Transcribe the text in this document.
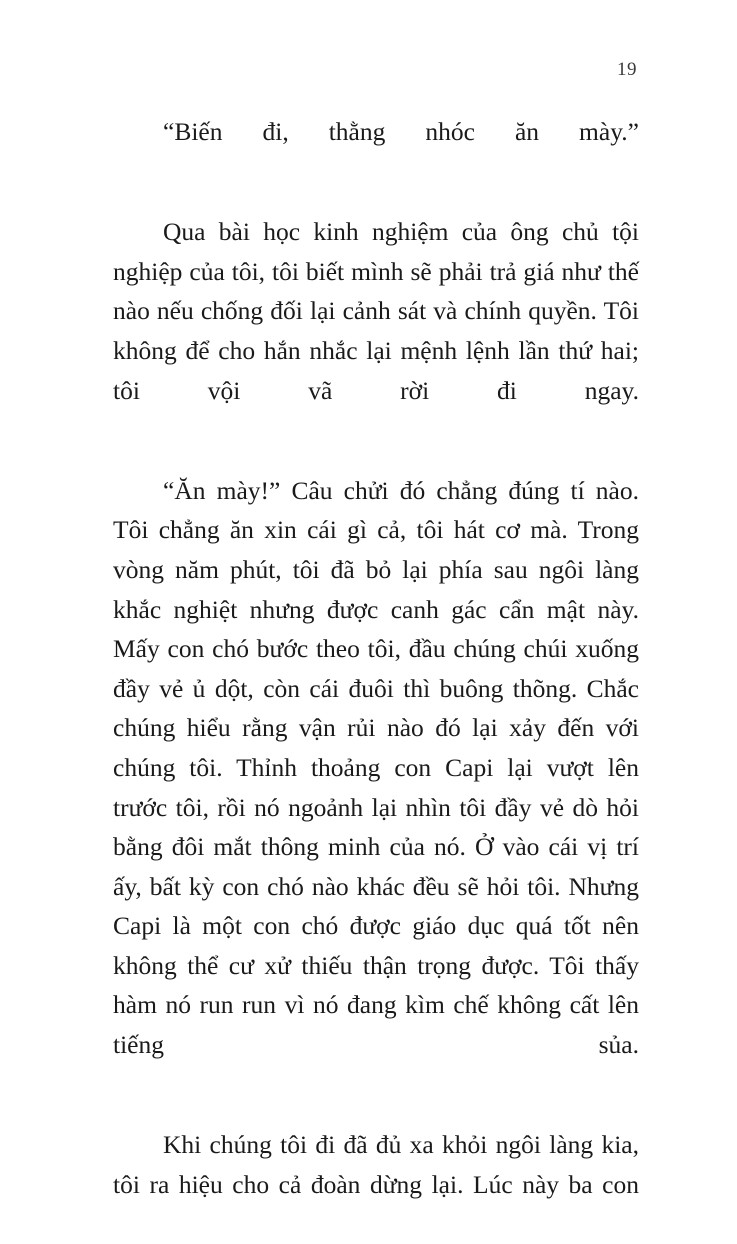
19

“Biến đi, thằng nhóc ăn mày.”

Qua bài học kinh nghiệm của ông chủ tội nghiệp của tôi, tôi biết mình sẽ phải trả giá như thế nào nếu chống đối lại cảnh sát và chính quyền. Tôi không để cho hắn nhắc lại mệnh lệnh lần thứ hai; tôi vội vã rời đi ngay.

“Ăn mày!” Câu chửi đó chẳng đúng tí nào. Tôi chẳng ăn xin cái gì cả, tôi hát cơ mà. Trong vòng năm phút, tôi đã bỏ lại phía sau ngôi làng khắc nghiệt nhưng được canh gác cẩn mật này. Mấy con chó bước theo tôi, đầu chúng chúi xuống đầy vẻ ủ dột, còn cái đuôi thì buông thõng. Chắc chúng hiểu rằng vận rủi nào đó lại xảy đến với chúng tôi. Thỉnh thoảng con Capi lại vượt lên trước tôi, rồi nó ngoảnh lại nhìn tôi đầy vẻ dò hỏi bằng đôi mắt thông minh của nó. Ở vào cái vị trí ấy, bất kỳ con chó nào khác đều sẽ hỏi tôi. Nhưng Capi là một con chó được giáo dục quá tốt nên không thể cư xử thiếu thận trọng được. Tôi thấy hàm nó run run vì nó đang kìm chế không cất lên tiếng sủa.

Khi chúng tôi đi đã đủ xa khỏi ngôi làng kia, tôi ra hiệu cho cả đoàn dừng lại. Lúc này ba con
